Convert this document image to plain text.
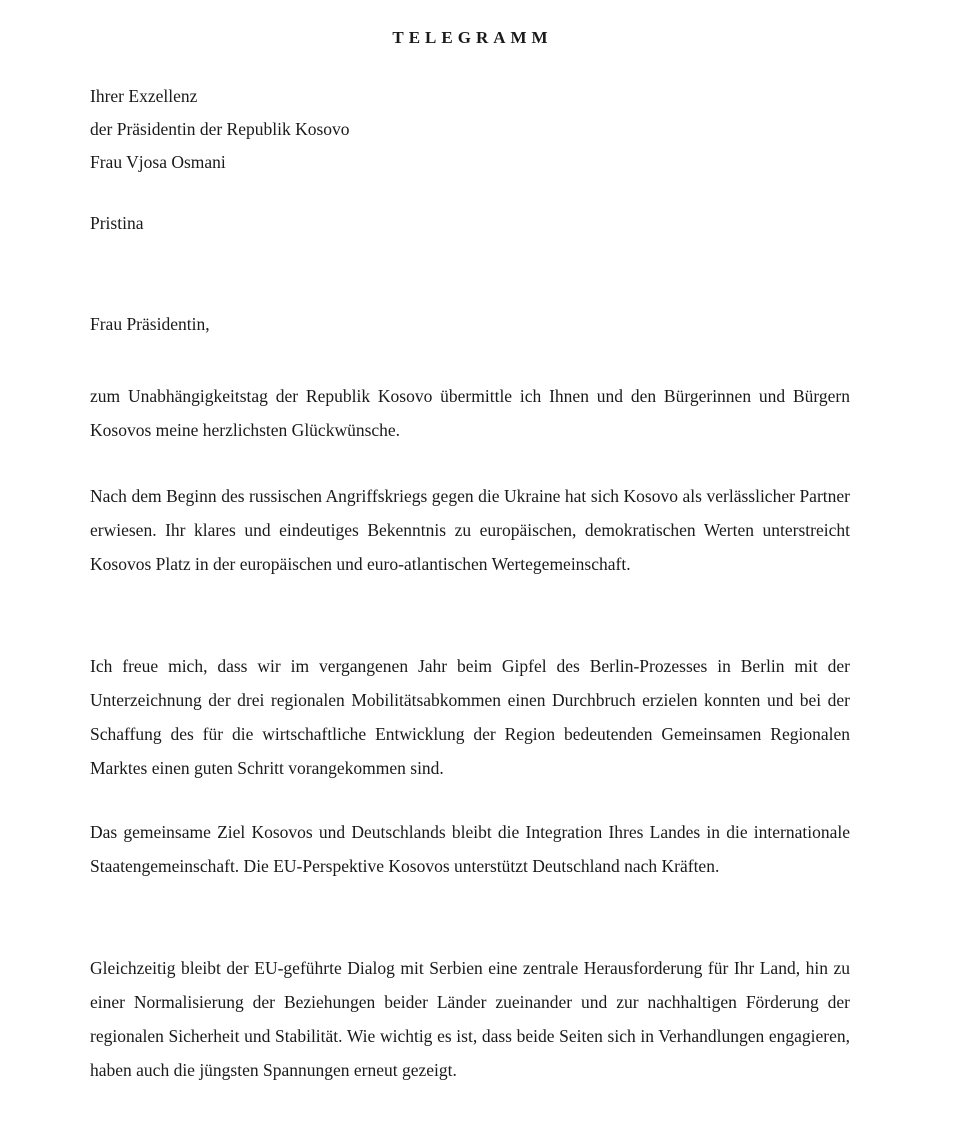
TELEGRAMM
Ihrer Exzellenz
der Präsidentin der Republik Kosovo
Frau Vjosa Osmani
Pristina
Frau Präsidentin,
zum Unabhängigkeitstag der Republik Kosovo übermittle ich Ihnen und den Bürgerinnen und Bürgern Kosovos meine herzlichsten Glückwünsche.
Nach dem Beginn des russischen Angriffskriegs gegen die Ukraine hat sich Kosovo als verlässlicher Partner erwiesen. Ihr klares und eindeutiges Bekenntnis zu europäischen, demokratischen Werten unterstreicht Kosovos Platz in der europäischen und euro-atlantischen Wertegemeinschaft.
Ich freue mich, dass wir im vergangenen Jahr beim Gipfel des Berlin-Prozesses in Berlin mit der Unterzeichnung der drei regionalen Mobilitätsabkommen einen Durchbruch erzielen konnten und bei der Schaffung des für die wirtschaftliche Entwicklung der Region bedeutenden Gemeinsamen Regionalen Marktes einen guten Schritt vorangekommen sind.
Das gemeinsame Ziel Kosovos und Deutschlands bleibt die Integration Ihres Landes in die internationale Staatengemeinschaft. Die EU-Perspektive Kosovos unterstützt Deutschland nach Kräften.
Gleichzeitig bleibt der EU-geführte Dialog mit Serbien eine zentrale Herausforderung für Ihr Land, hin zu einer Normalisierung der Beziehungen beider Länder zueinander und zur nachhaltigen Förderung der regionalen Sicherheit und Stabilität. Wie wichtig es ist, dass beide Seiten sich in Verhandlungen engagieren, haben auch die jüngsten Spannungen erneut gezeigt.
